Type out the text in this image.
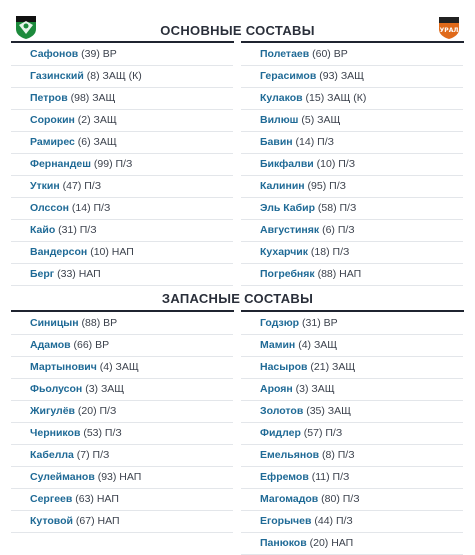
УРАЛ
ОСНОВНЫЕ СОСТАВЫ
Сафонов (39) ВР
Газинский (8) ЗАЩ (К)
Петров (98) ЗАЩ
Сорокин (2) ЗАЩ
Рамирес (6) ЗАЩ
Фернандеш (99) П/З
Уткин (47) П/З
Олссон (14) П/З
Кайо (31) П/З
Вандерсон (10) НАП
Берг (33) НАП
Полетаев (60) ВР
Герасимов (93) ЗАЩ
Кулаков (15) ЗАЩ (К)
Вилюш (5) ЗАЩ
Бавин (14) П/З
Бикфалви (10) П/З
Калинин (95) П/З
Эль Кабир (58) П/З
Августиняк (6) П/З
Кухарчик (18) П/З
Погребняк (88) НАП
ЗАПАСНЫЕ СОСТАВЫ
Синицын (88) ВР
Адамов (66) ВР
Мартынович (4) ЗАЩ
Фьолусон (3) ЗАЩ
Жигулёв (20) П/З
Черников (53) П/З
Кабелла (7) П/З
Сулейманов (93) НАП
Сергеев (63) НАП
Кутовой (67) НАП
Годзюр (31) ВР
Мамин (4) ЗАЩ
Насыров (21) ЗАЩ
Ароян (3) ЗАЩ
Золотов (35) ЗАЩ
Фидлер (57) П/З
Емельянов (8) П/З
Ефремов (11) П/З
Магомадов (80) П/З
Егорычев (44) П/З
Панюков (20) НАП
